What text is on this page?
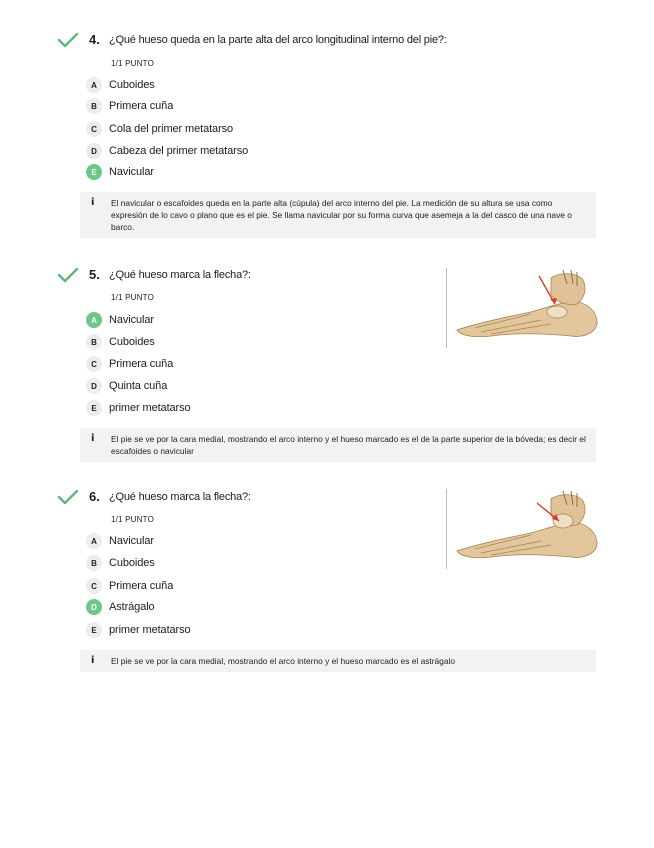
4. ¿Qué hueso queda en la parte alta del arco longitudinal interno del pie?:
1/1 PUNTO
A	Cuboides
B	Primera cuña
C	Cola del primer metatarso
D	Cabeza del primer metatarso
E	Navicular
i El navicular o escafoides queda en la parte alta (cúpula) del arco interno del pie. La medición de su altura se usa como expresión de lo cavo o plano que es el pie. Se llama navicular por su forma curva que asemeja a la del casco de una nave o barco.
5. ¿Qué hueso marca la flecha?:
1/1 PUNTO
A	Navicular
B	Cuboides
C	Primera cuña
D	Quinta cuña
E	primer metatarso
i El pie se ve por la cara medial, mostrando el arco interno y el hueso marcado es el de la parte superior de la bóveda; es decir el escafoides o navicular
6. ¿Qué hueso marca la flecha?:
1/1 PUNTO
A	Navicular
B	Cuboides
C	Primera cuña
D	Astrágalo
E	primer metatarso
i El pie se ve por la cara medial, mostrando el arco interno y el hueso marcado es el astrágalo
